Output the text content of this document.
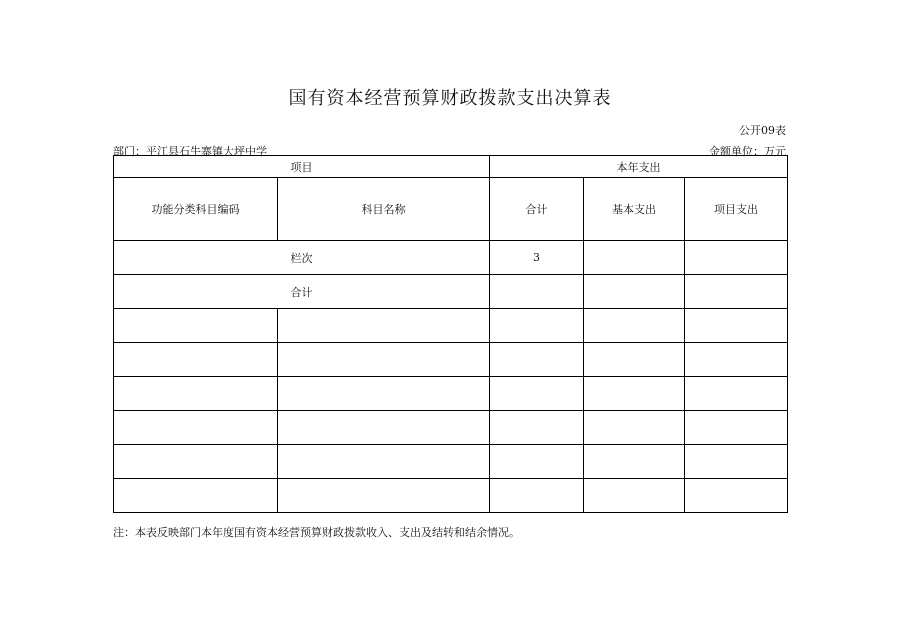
国有资本经营预算财政拨款支出决算表
公开09表
部门：平江县石牛寨镇大坪中学	金额单位：万元
项目		本年支出		
功能分类科目编码	科目名称	合计	基本支出	项目支出
栏次		3		
合计				

注：本表反映部门本年度国有资本经营预算财政拨款收入、支出及结转和结余情况。
